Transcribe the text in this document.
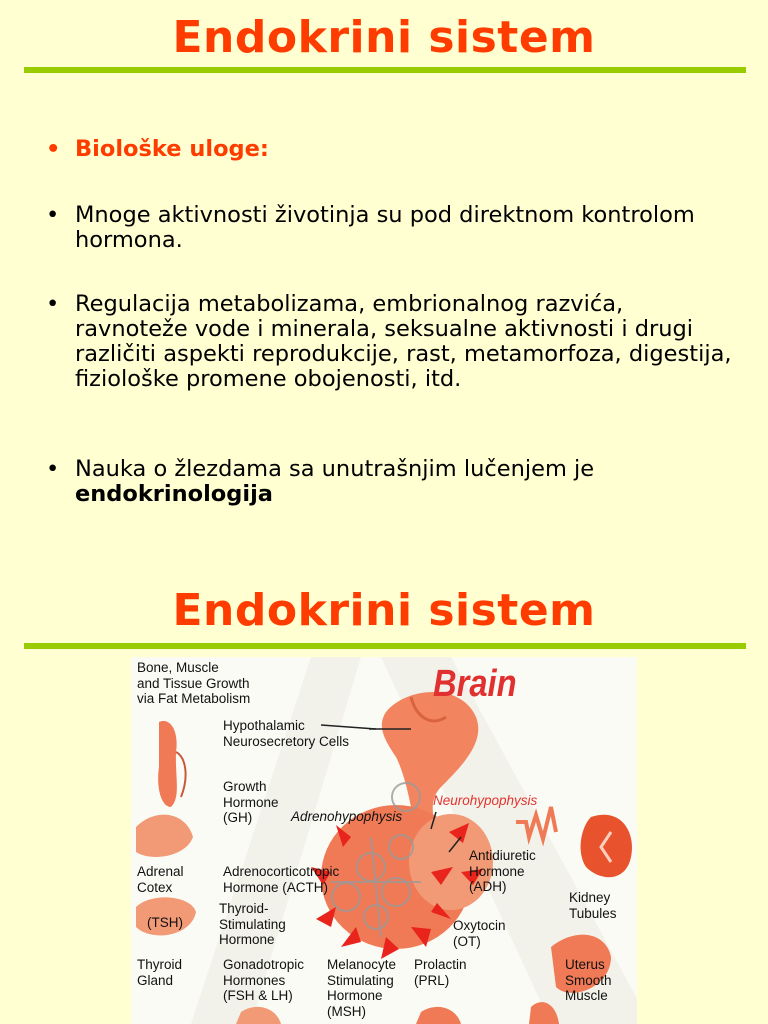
Endokrini sistem
• Biološke uloge:
• Mnoge aktivnosti životinja su pod direktnom kontrolom hormona.
• Regulacija metabolizama, embrionalnog razvića, ravnoteže vode i minerala, seksualne aktivnosti i drugi različiti aspekti reprodukcije, rast, metamorfoza, digestija, fiziološke promene obojenosti, itd.
• Nauka o žlezdama sa unutrašnjim lučenjem je
endokrinologija
Endokrini sistem
Brain
Bone, Muscle
and Tissue Growth
via Fat Metabolism
Hypothalamic
Neurosecretory Cells
Growth
Hormone
(GH)	Adrenohypophysis
Neurohypophysis
Adrenal
Cotex
Adrenocorticotropic
Hormone (ACTH)
Antidiuretic
Hormone
(ADH)
Kidney
Tubules
(TSH)
Thyroid-
Stimulating
Hormone
Oxytocin
(OT)
Thyroid
Gland
Gonadotropic
Hormones
(FSH & LH)
Melanocyte
Stimulating
Hormone
(MSH)
Prolactin
(PRL)
Uterus
Smooth
Muscle
